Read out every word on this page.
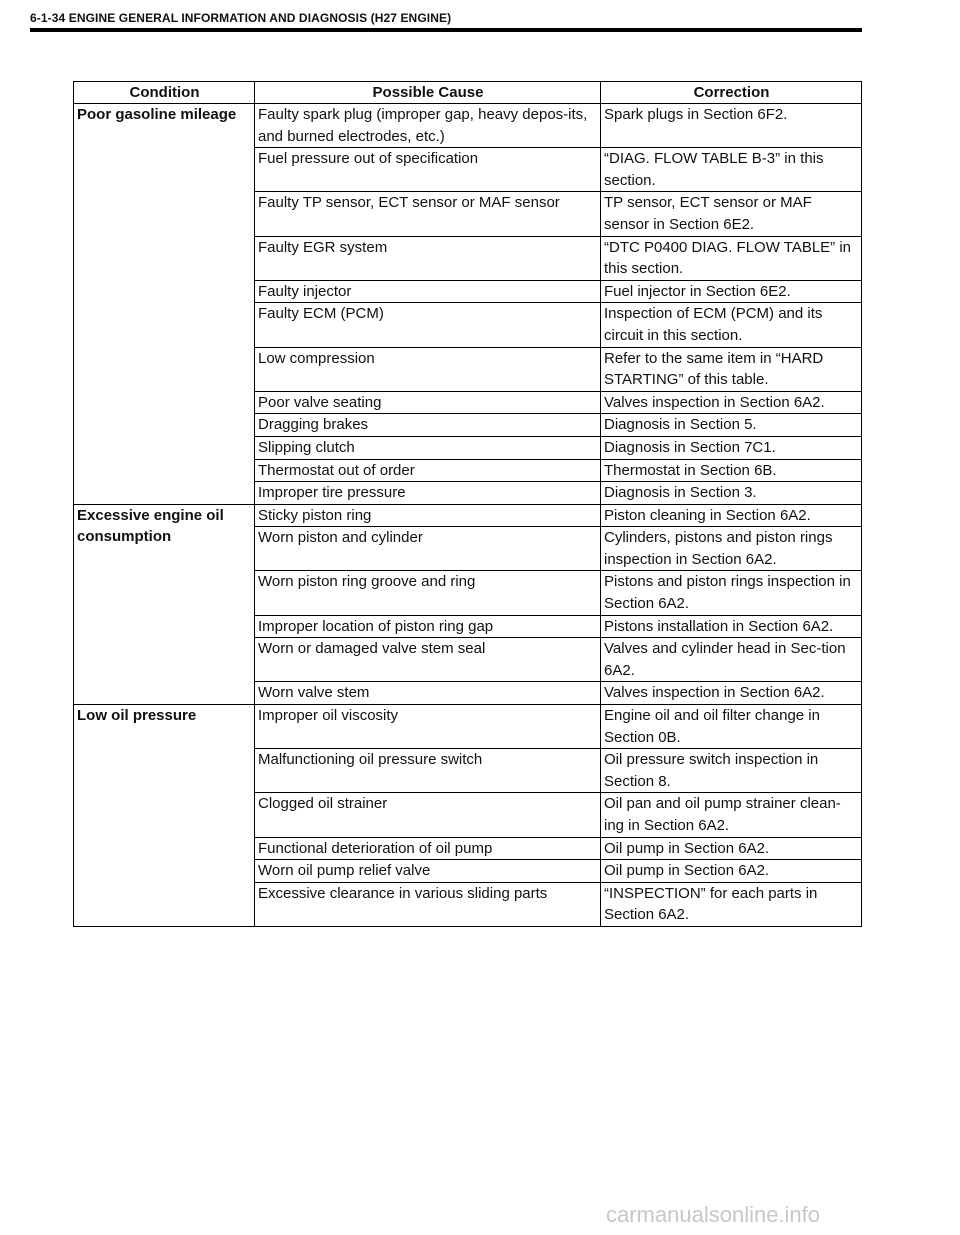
6-1-34 ENGINE GENERAL INFORMATION AND DIAGNOSIS (H27 ENGINE)
Condition	Possible Cause	Correction
Poor gasoline mileage	Faulty spark plug (improper gap, heavy depos-its, and burned electrodes, etc.)	Spark plugs in Section 6F2.
	Fuel pressure out of specification	“DIAG. FLOW TABLE B-3” in this section.
	Faulty TP sensor, ECT sensor or MAF sensor	TP sensor, ECT sensor or MAF sensor in Section 6E2.
	Faulty EGR system	“DTC P0400 DIAG. FLOW TABLE” in this section.
	Faulty injector	Fuel injector in Section 6E2.
	Faulty ECM (PCM)	Inspection of ECM (PCM) and its circuit in this section.
	Low compression	Refer to the same item in “HARD STARTING” of this table.
	Poor valve seating	Valves inspection in Section 6A2.
	Dragging brakes	Diagnosis in Section 5.
	Slipping clutch	Diagnosis in Section 7C1.
	Thermostat out of order	Thermostat in Section 6B.
	Improper tire pressure	Diagnosis in Section 3.
Excessive engine oil consumption	Sticky piston ring	Piston cleaning in Section 6A2.
	Worn piston and cylinder	Cylinders, pistons and piston rings inspection in Section 6A2.
	Worn piston ring groove and ring	Pistons and piston rings inspection in Section 6A2.
	Improper location of piston ring gap	Pistons installation in Section 6A2.
	Worn or damaged valve stem seal	Valves and cylinder head in Sec-tion 6A2.
	Worn valve stem	Valves inspection in Section 6A2.
Low oil pressure	Improper oil viscosity	Engine oil and oil filter change in Section 0B.
	Malfunctioning oil pressure switch	Oil pressure switch inspection in Section 8.
	Clogged oil strainer	Oil pan and oil pump strainer clean-ing in Section 6A2.
	Functional deterioration of oil pump	Oil pump in Section 6A2.
	Worn oil pump relief valve	Oil pump in Section 6A2.
	Excessive clearance in various sliding parts	“INSPECTION” for each parts in Section 6A2.
carmanualsonline.info
